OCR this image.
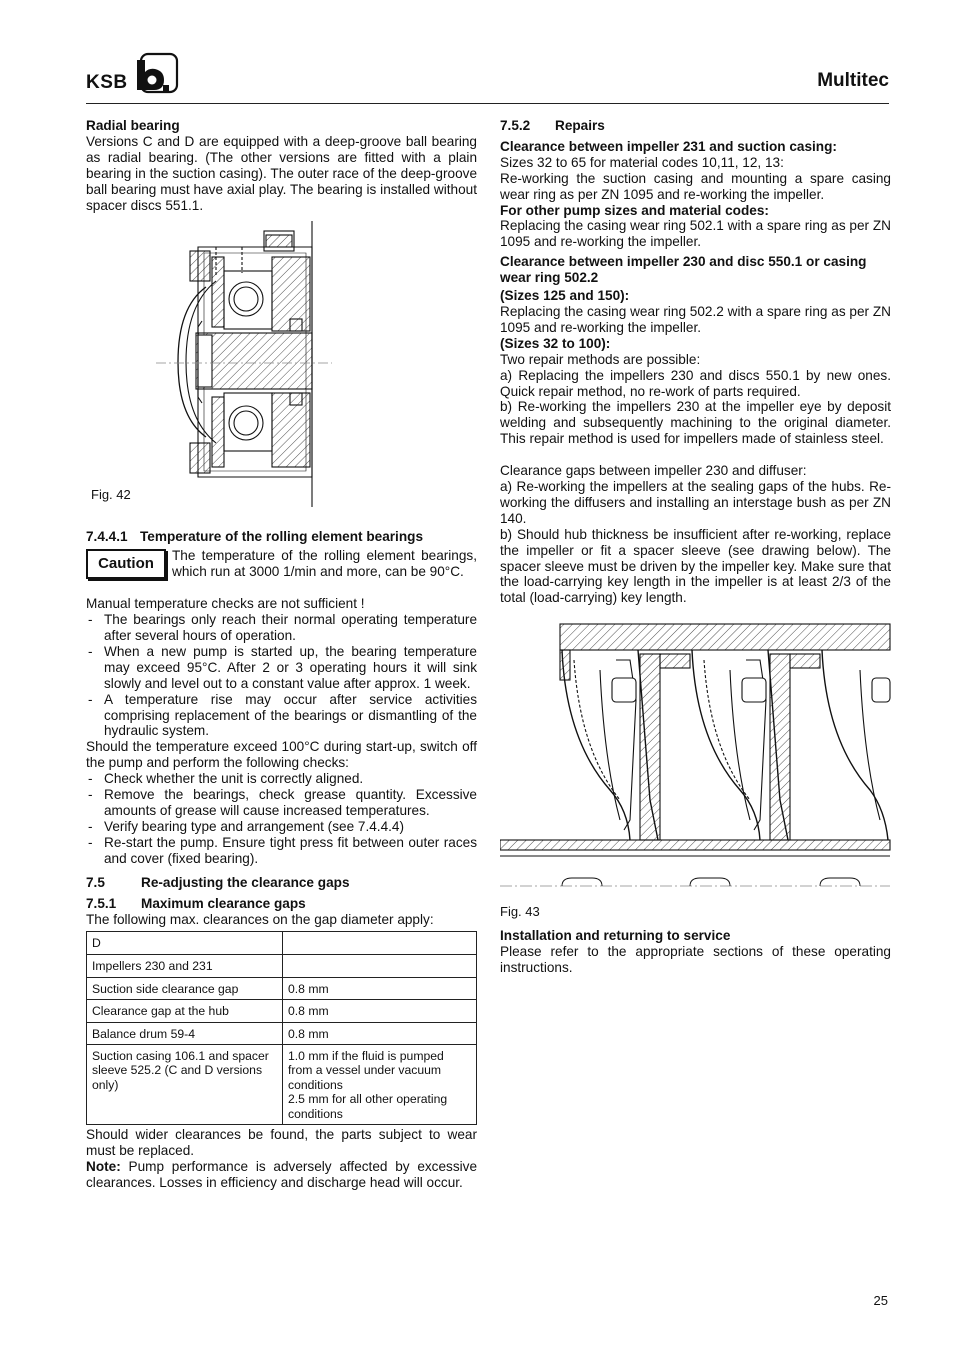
KSB	Multitec
Radial bearing

Versions C and D are equipped with a deep-groove ball bearing as radial bearing. (The other versions are fitted with a plain bearing in the suction casing). The outer race of the deep-groove ball bearing must have axial play. The bearing is installed without spacer discs 551.1.

Fig. 42
7.4.4.1 Temperature of the rolling element bearings
Caution	The temperature of the rolling element bearings, which run at 3000 1/min and more, can be 90°C.

Manual temperature checks are not sufficient !

- The bearings only reach their normal operating temperature after several hours of operation.
- When a new pump is started up, the bearing temperature may exceed 95°C. After 2 or 3 operating hours it will sink slowly and level out to a constant value after approx. 1 week.
- A temperature rise may occur after service activities comprising replacement of the bearings or dismantling of the hydraulic system.

Should the temperature exceed 100°C during start-up, switch off the pump and perform the following checks:

- Check whether the unit is correctly aligned.
- Remove the bearings, check grease quantity. Excessive amounts of grease will cause increased temperatures.
- Verify bearing type and arrangement (see 7.4.4.4)
- Re-start the pump. Ensure tight press fit between outer races and cover (fixed bearing).
7.5	Re-adjusting the clearance gaps
7.5.1	Maximum clearance gaps

The following max. clearances on the gap diameter apply:

D	
Impellers 230 and 231	
Suction side clearance gap	0.8 mm
Clearance gap at the hub	0.8 mm
Balance drum 59-4	0.8 mm
Suction casing 106.1 and spacer sleeve 525.2 (C and D versions only)	1.0 mm if the fluid is pumped from a vessel under vacuum conditions
2.5 mm for all other operating conditions

Should wider clearances be found, the parts subject to wear must be replaced.

Note: Pump performance is adversely affected by excessive clearances. Losses in efficiency and discharge head will occur.

7.5.2	Repairs
Clearance between impeller 231 and suction casing:

Sizes 32 to 65 for material codes 10,11, 12, 13:

Re-working the suction casing and mounting a spare casing wear ring as per ZN 1095 and re-working the impeller.

For other pump sizes and material codes:

Replacing the casing wear ring 502.1 with a spare ring as per ZN 1095 and re-working the impeller.

Clearance between impeller 230 and disc 550.1 or casing wear ring 502.2
(Sizes 125 and 150):

Replacing the casing wear ring 502.2 with a spare ring as per ZN 1095 and re-working the impeller.

(Sizes 32 to 100):

Two repair methods are possible:

a) Replacing the impellers 230 and discs 550.1 by new ones. Quick repair method, no re-work of parts required.

b) Re-working the impellers 230 at the impeller eye by deposit welding and subsequently machining to the original diameter. This repair method is used for impellers made of stainless steel.

Clearance gaps between impeller 230 and diffuser:

a) Re-working the impellers at the sealing gaps of the hubs. Re-working the diffusers and installing an interstage bush as per ZN 140.

b) Should hub thickness be insufficient after re-working, replace the impeller or fit a spacer sleeve (see drawing below). The spacer sleeve must be driven by the impeller key. Make sure that the load-carrying key length in the impeller is at least 2/3 of the total (load-carrying) key length.

Fig. 43
Installation and returning to service

Please refer to the appropriate sections of these operating instructions.

25
